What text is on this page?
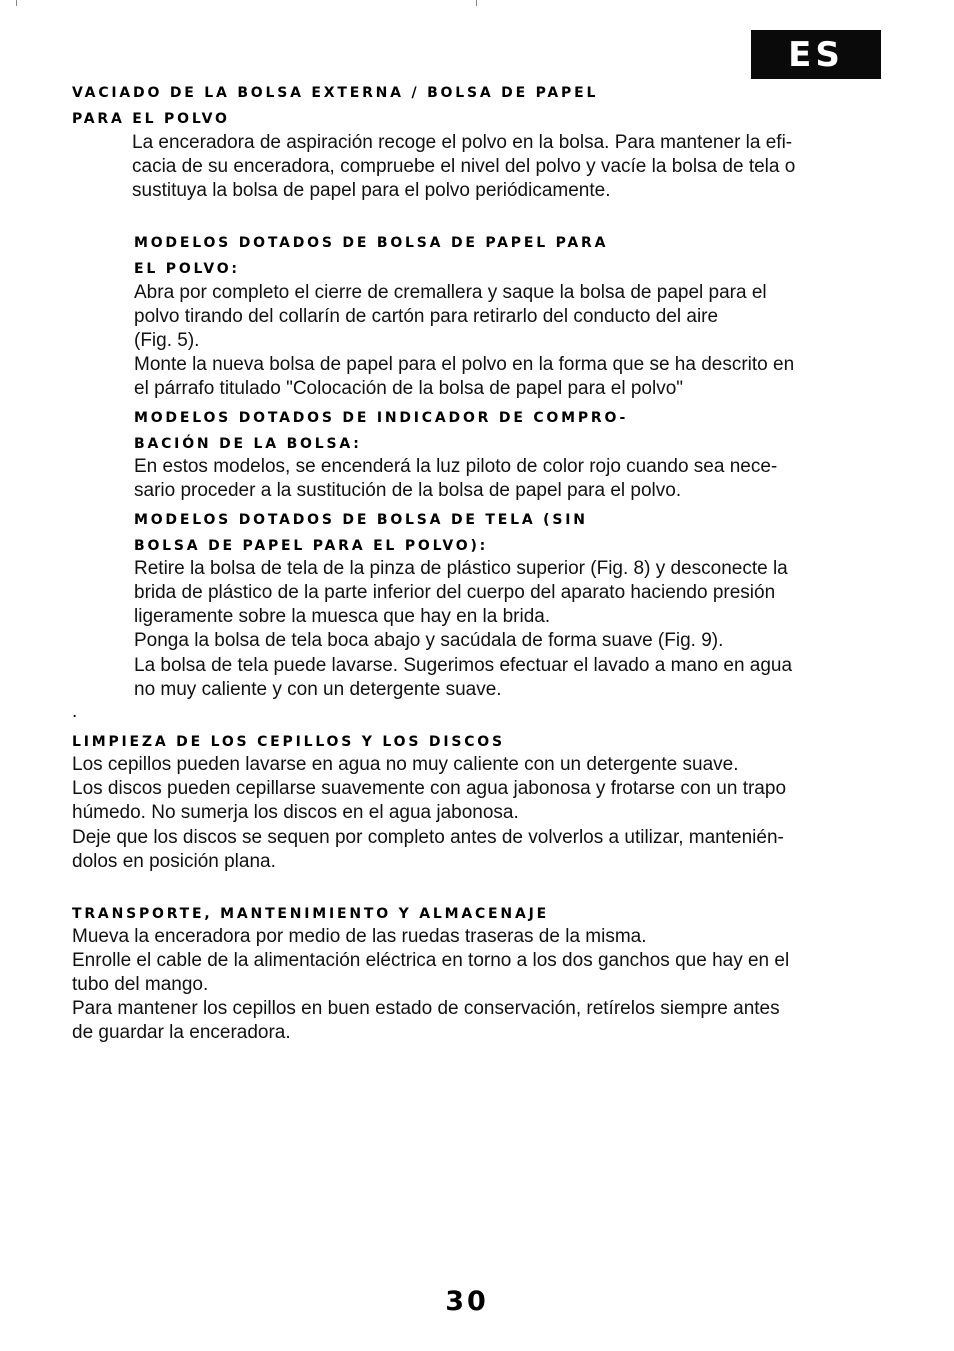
ES
VACIADO DE LA BOLSA EXTERNA / BOLSA DE PAPEL
PARA EL POLVO

La enceradora de aspiración recoge el polvo en la bolsa. Para mantener la efi-

cacia de su enceradora, compruebe el nivel del polvo y vacíe la bolsa de tela o

sustituya la bolsa de papel para el polvo periódicamente.

MODELOS DOTADOS DE BOLSA DE PAPEL PARA
EL POLVO:

Abra por completo el cierre de cremallera y saque la bolsa de papel para el

polvo tirando del collarín de cartón para retirarlo del conducto del aire

(Fig. 5).

Monte la nueva bolsa de papel para el polvo en la forma que se ha descrito en

el párrafo titulado "Colocación de la bolsa de papel para el polvo"

MODELOS DOTADOS DE INDICADOR DE COMPRO-
BACIÓN DE LA BOLSA:

En estos modelos, se encenderá la luz piloto de color rojo cuando sea nece-

sario proceder a la sustitución de la bolsa de papel para el polvo.

MODELOS DOTADOS DE BOLSA DE TELA (SIN
BOLSA DE PAPEL PARA EL POLVO):

Retire la bolsa de tela de la pinza de plástico superior (Fig. 8) y desconecte la

brida de plástico de la parte inferior del cuerpo del aparato haciendo presión

ligeramente sobre la muesca que hay en la brida.

Ponga la bolsa de tela boca abajo y sacúdala de forma suave (Fig. 9).

La bolsa de tela puede lavarse. Sugerimos efectuar el lavado a mano en agua

no muy caliente y con un detergente suave.

.

LIMPIEZA DE LOS CEPILLOS Y LOS DISCOS

Los cepillos pueden lavarse en agua no muy caliente con un detergente suave.

Los discos pueden cepillarse suavemente con agua jabonosa y frotarse con un trapo

húmedo. No sumerja los discos en el agua jabonosa.

Deje que los discos se sequen por completo antes de volverlos a utilizar, mantenién-

dolos en posición plana.

TRANSPORTE, MANTENIMIENTO Y ALMACENAJE

Mueva la enceradora por medio de las ruedas traseras de la misma.

Enrolle el cable de la alimentación eléctrica en torno a los dos ganchos que hay en el

tubo del mango.

Para mantener los cepillos en buen estado de conservación, retírelos siempre antes

de guardar la enceradora.

30
